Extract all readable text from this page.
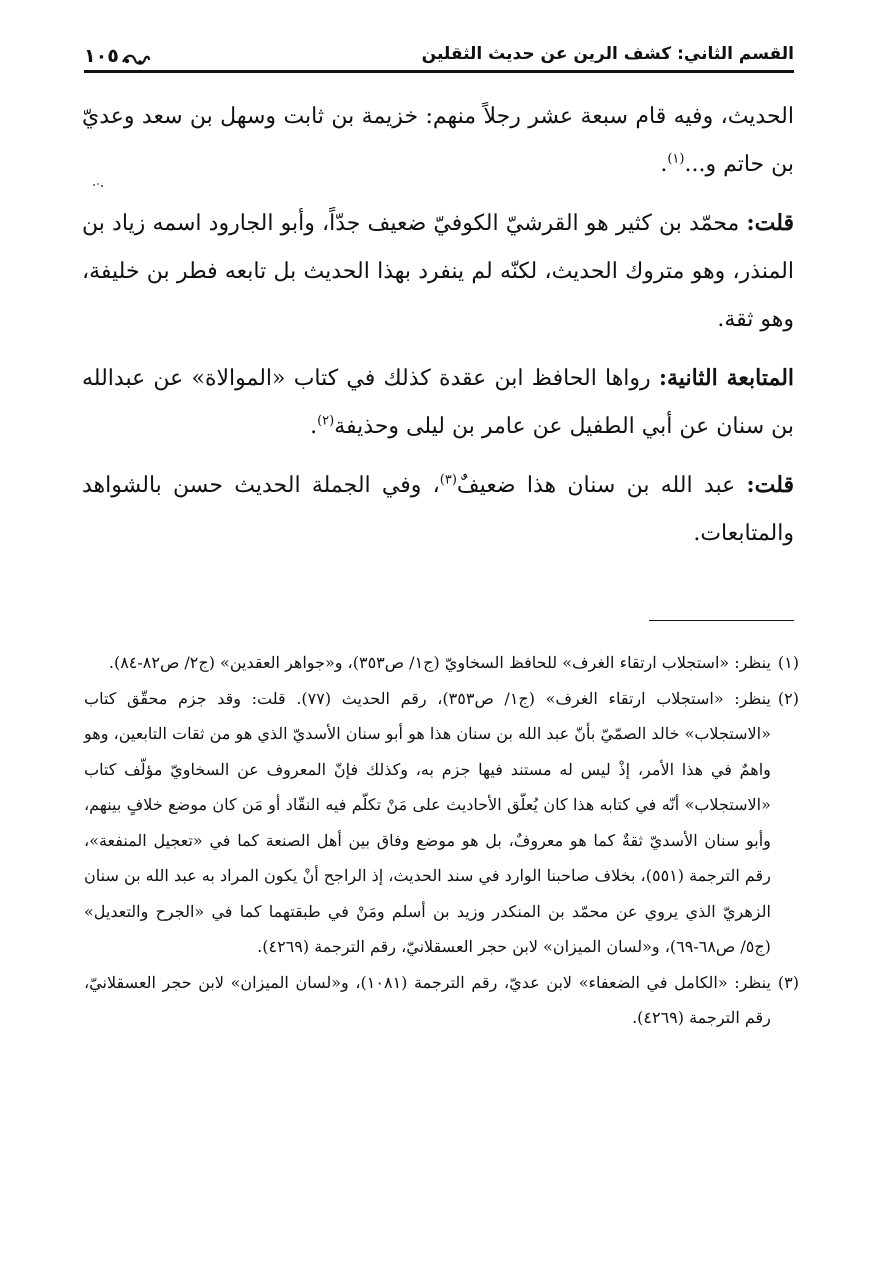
القسم الثاني: كشف الرين عن حديث الثقلين
١٠٥

الحديث، وفيه قام سبعة عشر رجلاً منهم: خزيمة بن ثابت وسهل بن سعد وعديّ بن حاتم و...$^{(١)}$.

قلت: محمّد بن كثير هو القرشيّ الكوفيّ ضعيف جدّاً، وأبو الجارود اسمه زياد بن المنذر، وهو متروك الحديث، لكنّه لم ينفرد بهذا الحديث بل تابعه فطر بن خليفة، وهو ثقة.

المتابعة الثانية: رواها الحافظ ابن عقدة كذلك في كتاب «الموالاة» عن عبدالله بن سنان عن أبي الطفيل عن عامر بن ليلى وحذيفة$^{(٢)}$.

قلت: عبد الله بن سنان هذا ضعيفٌ$^{(٣)}$، وفي الجملة الحديث حسن بالشواهد والمتابعات.

(١)
ينظر: «استجلاب ارتقاء الغرف» للحافظ السخاويّ (ج١/ ص٣٥٣)، و«جواهر العقدين» (ج٢/ ص٨٢-٨٤).
(٢)
ينظر: «استجلاب ارتقاء الغرف» (ج١/ ص٣٥٣)، رقم الحديث (٧٧). قلت: وقد جزم محقّق كتاب «الاستجلاب» خالد الصمّيّ بأنّ عبد الله بن سنان هذا هو أبو سنان الأسديّ الذي هو من ثقات التابعين، وهو واهمٌ في هذا الأمر، إذْ ليس له مستند فيها جزم به، وكذلك فإنّ المعروف عن السخاويّ مؤلّف كتاب «الاستجلاب» أنّه في كتابه هذا كان يُعلّق الأحاديث على مَنْ تكلّم فيه النقّاد أو مَن كان موضع خلافٍ بينهم، وأبو سنان الأسديّ ثقةٌ كما هو معروفٌ، بل هو موضع وفاق بين أهل الصنعة كما في «تعجيل المنفعة»، رقم الترجمة (٥٥١)، بخلاف صاحبنا الوارد في سند الحديث، إذ الراجح أنْ يكون المراد به عبد الله بن سنان الزهريّ الذي يروي عن محمّد بن المنكدر وزيد بن أسلم ومَنْ في طبقتهما كما في «الجرح والتعديل» (ج٥/ ص٦٨-٦٩)، و«لسان الميزان» لابن حجر العسقلانيّ، رقم الترجمة (٤٢٦٩).
(٣)
ينظر: «الكامل في الضعفاء» لابن عديّ، رقم الترجمة (١٠٨١)، و«لسان الميزان» لابن حجر العسقلانيّ، رقم الترجمة (٤٢٦٩).
